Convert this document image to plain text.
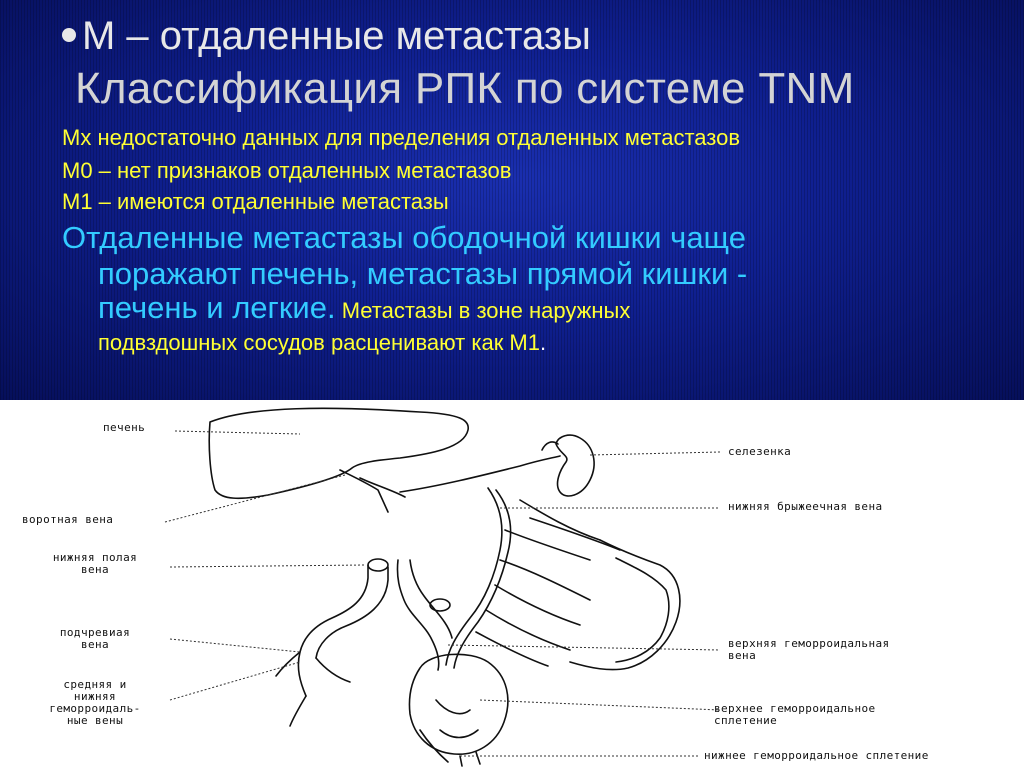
M – отдаленные метастазы
Классификация РПК по системе TNM
Mx недостаточно данных для пределения отдаленных метастазов
М0 – нет признаков отдаленных метастазов
М1 – имеются отдаленные метастазы
Отдаленные метастазы ободочной кишки чаще
поражают печень, метастазы прямой кишки -
печень и легкие. Метастазы в зоне наружных
подвздошных сосудов расценивают как М1.
печень
воротная вена
нижняя полая
вена
подчревиая
вена
средняя и
нижняя
геморроидаль-
ные вены
селезенка
нижняя брыжеечная вена
верхняя геморроидальная
вена
верхнее геморроидальное
сплетение
нижнее геморроидальное сплетение
